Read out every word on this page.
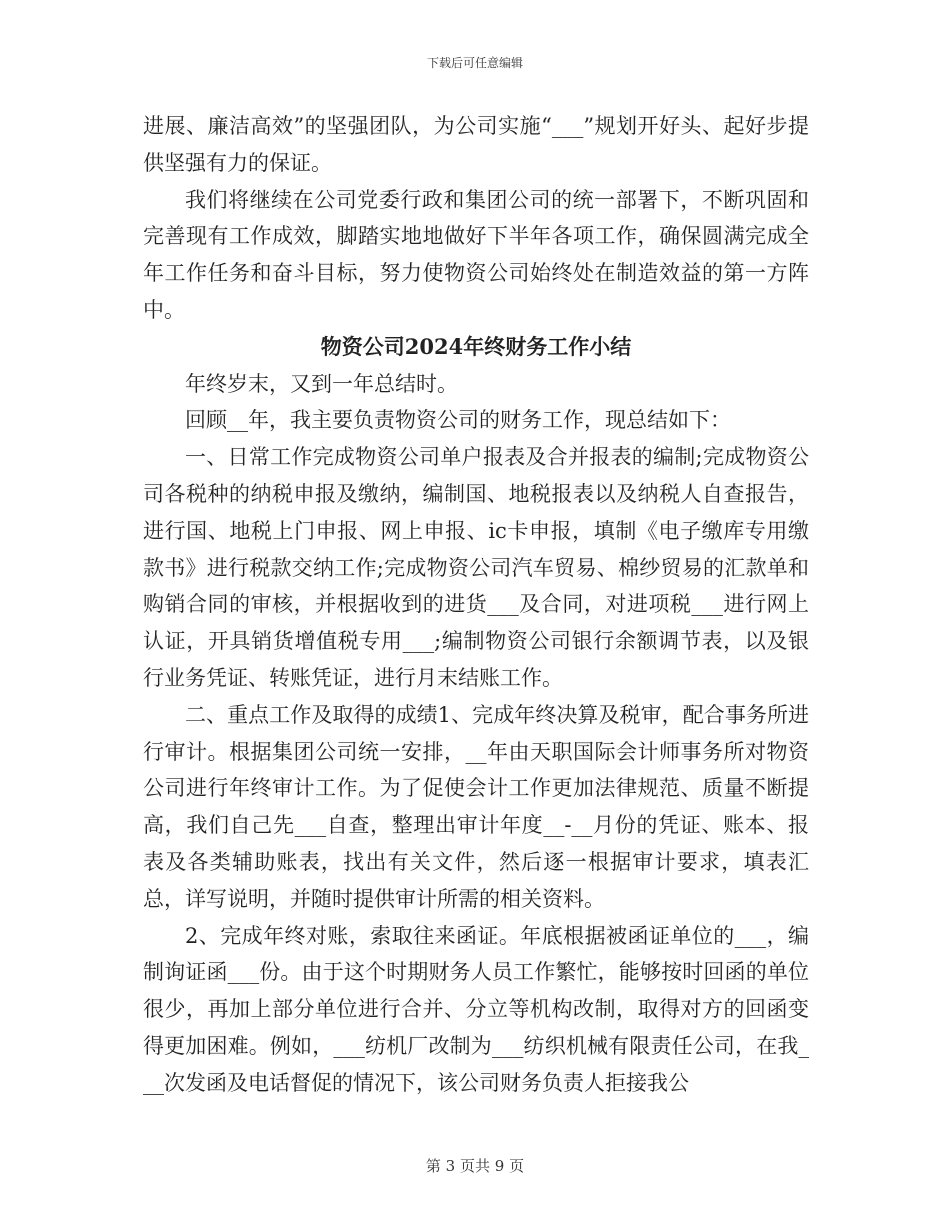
下载后可任意编辑

进展、廉洁高效”的坚强团队，为公司实施“___”规划开好头、起好步提供坚强有力的保证。

我们将继续在公司党委行政和集团公司的统一部署下，不断巩固和完善现有工作成效，脚踏实地地做好下半年各项工作，确保圆满完成全年工作任务和奋斗目标，努力使物资公司始终处在制造效益的第一方阵中。

物资公司2024年终财务工作小结

年终岁末，又到一年总结时。

回顾__年，我主要负责物资公司的财务工作，现总结如下：

一、日常工作完成物资公司单户报表及合并报表的编制;完成物资公司各税种的纳税申报及缴纳，编制国、地税报表以及纳税人自查报告，进行国、地税上门申报、网上申报、ic卡申报，填制《电子缴库专用缴款书》进行税款交纳工作;完成物资公司汽车贸易、棉纱贸易的汇款单和购销合同的审核，并根据收到的进货___及合同，对进项税___进行网上认证，开具销货增值税专用___;编制物资公司银行余额调节表，以及银行业务凭证、转账凭证，进行月末结账工作。

二、重点工作及取得的成绩1、完成年终决算及税审，配合事务所进行审计。根据集团公司统一安排，__年由天职国际会计师事务所对物资公司进行年终审计工作。为了促使会计工作更加法律规范、质量不断提高，我们自己先___自查，整理出审计年度__-__月份的凭证、账本、报表及各类辅助账表，找出有关文件，然后逐一根据审计要求，填表汇总，详写说明，并随时提供审计所需的相关资料。

2、完成年终对账，索取往来函证。年底根据被函证单位的___，编制询证函___份。由于这个时期财务人员工作繁忙，能够按时回函的单位很少，再加上部分单位进行合并、分立等机构改制，取得对方的回函变得更加困难。例如，___纺机厂改制为___纺织机械有限责任公司，在我___次发函及电话督促的情况下，该公司财务负责人拒接我公

第 3 页共 9 页
